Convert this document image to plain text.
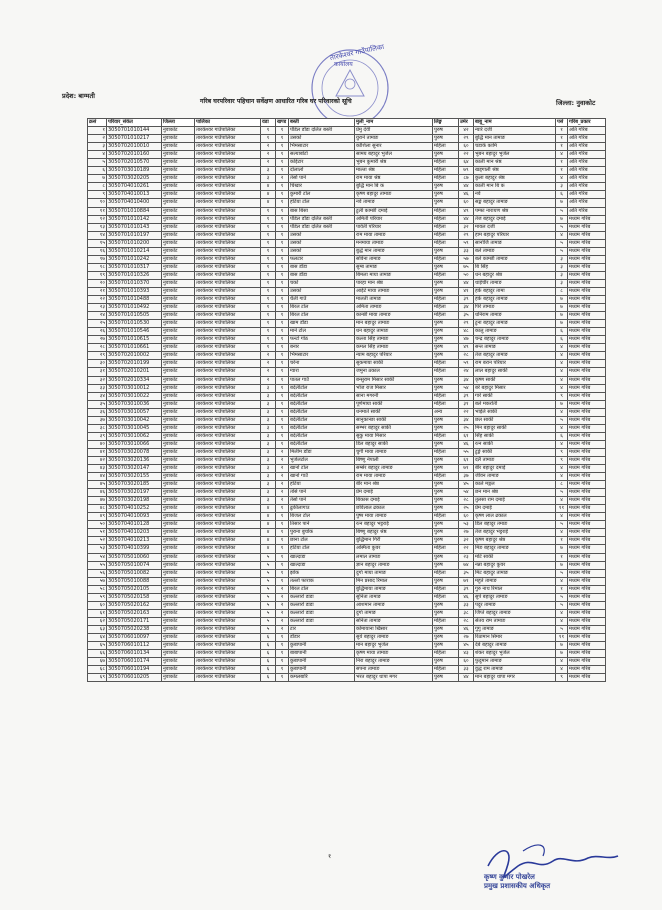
तारकेश्वर गाउँपालिका
कार्यालय
प्रदेश: बाग्मती
गरिब घरपरिवार पहिचान सर्वेक्षण आधारित गरिब घर परिवारको सूचि	जिल्ला: नुवाकोट
क्रसं	परिवार_संकेत	जिल्ला	पालिका	वडा	खण्ड	बस्ती	मुली_नाम	लिङ्ग	उमेर	बाबु_नाम	पर्स	गरिब_प्रकार
१	3050701010144	नुवाकोट	तारकेश्वर गाउँपालिका	१	१	पौडेल डाँडा दलित बस्ती	प्रेमु देवी	पुरुष	४२	न्यारे दर्जी	१	अति गरिब
२	3050701010217	नुवाकोट	तारकेश्वर गाउँपालिका	१	१	उसको	युराने तामाङ	पुरुष	२९	बुद्धि मान तामाङ	१	अति गरिब
३	3050702010010	नुवाकोट	तारकेश्वर गाउँपालिका	२	१	भिमसाटार	कोशिला सुनार	महिला	६०	चडाके कामि	१	अति गरिब
४	3050702010160	नुवाकोट	तारकेश्वर गाउँपालिका	२	१	सल्याबोटो	सामय बहादुर भुजेल	पुरुष	२२	भुबन बहादुर भुजेल	४	अति गरिब
५	3050702010570	नुवाकोट	तारकेश्वर गाउँपालिका	२	१	कोईटार	भुबन कुमारी श्रेष्ठ	महिला	६४	काली मान श्रेष्ठ	१	अति गरिब
६	3050703010189	नुवाकोट	तारकेश्वर गाउँपालिका	३	१	दोलालो	माल्ता श्रेष्ठ	महिला	७९	खड्गाली श्रेष्ठ	१	अति गरिब
७	3050703020205	नुवाकोट	तारकेश्वर गाउँपालिका	३	२	तेर्सो पाने	राम माया श्रेष्ठ	महिला	८७	कुला बहादुर श्रेष्ठ	४	अति गरिब
८	3050704010261	नुवाकोट	तारकेश्वर गाउँपालिका	४	१	चिखार	बुद्धि मान बि क	पुरुष	४४	काली मान बि क	३	अति गरिब
९	3050704010013	नुवाकोट	तारकेश्वर गाउँपालिका	४	१	कुमारी टोल	कृष्ण बहादुर तामाङ	पुरुष	४६	नर्वे	६	अति गरिब
१०	3050704010400	नुवाकोट	तारकेश्वर गाउँपालिका	४	१	हटिया टोल	नर्वे तामाङ	पुरुष	६०	सङ्क बहादुर तामाङ	७	अति गरिब
११	3050701010884	नुवाकोट	तारकेश्वर गाउँपालिका	१	१	बास बिसा	टुली काम्छी दमाई	महिला	४९	पम्फा नारायण श्रेष्ठ	५	अति गरिब
१२	3050701010142	नुवाकोट	तारकेश्वर गाउँपालिका	१	१	पौडेल डाँडा दलित बस्ती	अमिती परियार	महिला	४४	तेज बहादुर दमाई	७	मध्यम गरिब
१३	3050701010143	नुवाकोट	तारकेश्वर गाउँपालिका	१	१	पौडेल डाँडा दलित बस्ती	पार्वती परियार	महिला	३२	मायल दर्जी	५	मध्यम गरिब
१४	3050701010197	नुवाकोट	तारकेश्वर गाउँपालिका	१	१	उसको	राम माया तामाङ	महिला	२९	हाम बहादुर परियार	४	मध्यम गरिब
१५	3050701010200	नुवाकोट	तारकेश्वर गाउँपालिका	१	१	उसको	मनमाया तामाङ	महिला	५९	सानोजि तामाङ	५	मध्यम गरिब
१६	3050701010214	नुवाकोट	तारकेश्वर गाउँपालिका	१	१	उसको	बुद्धे मान तामाङ	पुरुष	३३	बले तामाङ	५	मध्यम गरिब
१७	3050701010242	नुवाकोट	तारकेश्वर गाउँपालिका	१	१	फलटार	सविना तामाङ	महिला	५७	बले काम्छी तामाङ	३	मध्यम गरिब
१८	3050701010317	नुवाकोट	तारकेश्वर गाउँपालिका	१	१	बास डाँडा	सुम्ब तामाङ	पुरुष	७५	बि सिंह	३	मध्यम गरिब
१९	3050701010326	नुवाकोट	तारकेश्वर गाउँपालिका	१	१	बास डाँडा	बिमला माया तामाङ	महिला	५०	धन बहादुर श्रेष्ठ	३	मध्यम गरिब
२०	3050701010370	नुवाकोट	तारकेश्वर गाउँपालिका	१	१	चर्को	पारहा मान श्रेष्ठ	पुरुष	४४	थाईचीर तामाङ	३	मध्यम गरिब
२१	3050701010393	नुवाकोट	तारकेश्वर गाउँपालिका	१	१	उसको	आईटे माया तामाङ	पुरुष	४१	हर्क बहादुर तामा	८	मध्यम गरिब
२२	3050701010488	नुवाकोट	तारकेश्वर गाउँपालिका	१	१	थैली गाउँ	मालती तामाङ	महिला	३९	हर्क बहादुर तामाङ	७	मध्यम गरिब
२३	3050701010492	नुवाकोट	तारकेश्वर गाउँपालिका	१	१	बिरल टोल	अमिता तामाङ	महिला	३४	पिरे तामाङ	७	मध्यम गरिब
२४	3050701010505	नुवाकोट	तारकेश्वर गाउँपालिका	१	१	बिरल टोल	कान्छी माया तामाङ	महिला	३५	धनिराम तामाङ	७	मध्यम गरिब
२५	3050701010530	नुवाकोट	तारकेश्वर गाउँपालिका	१	१	खाम डाँडा	मान बहादुर तामाङ	पुरुष	२९	टुना बहादुर तामाङ	७	मध्यम गरिब
२६	3050701010546	नुवाकोट	तारकेश्वर गाउँपालिका	१	१	माने टोल	धन बहादुर तामाङ	पुरुष	४८	कालु तामाङ	६	मध्यम गरिब
२७	3050701010615	नुवाकोट	तारकेश्वर गाउँपालिका	१	१	फन्टो गोठ	कल्ता सिंह तामाङ	पुरुष	४७	चन्द्र बहादुर तामाङ	६	मध्यम गरिब
२८	3050701010661	नुवाकोट	तारकेश्वर गाउँपालिका	१	१	बनार	कमल सिंह तामाङ	पुरुष	४९	सन्त तामाङ	४	मध्यम गरिब
२९	3050702010002	नुवाकोट	तारकेश्वर गाउँपालिका	२	१	भिमसाटार	न्याम बहादुर परियार	पुरुष	२८	तेज बहादुर तामाङ	४	मध्यम गरिब
३०	3050702010199	नुवाकोट	तारकेश्वर गाउँपालिका	२	१	चरेना	सुकमाया साकी	महिला	५९	राम बरान परियार	४	मध्यम गरिब
३१	3050702010201	नुवाकोट	तारकेश्वर गाउँपालिका	२	१	ग्वारा	जमुना ठकाल	महिला	२४	लाल बहादुर साकी	४	मध्यम गरिब
३२	3050702010334	नुवाकोट	तारकेश्वर गाउँपालिका	२	१	पातल गाउँ	बन्सुराम मिसार सार्की	पुरुष	३४	कृष्ण साकी	४	मध्यम गरिब
३३	3050703010012	नुवाकोट	तारकेश्वर गाउँपालिका	३	१	बदेलीटोल	भोज राज मिसार	पुरुष	५४	बरे बहादुर मिसार	४	मध्यम गरिब
३४	3050703010022	नुवाकोट	तारकेश्वर गाउँपालिका	३	१	बदेलीटोल	साना मगरनी	महिला	३९	गारे साकी	९	मध्यम गरिब
३५	3050703010036	नुवाकोट	तारकेश्वर गाउँपालिका	३	१	बदेलीटोल	पूर्णमाया साकी	महिला	३१	बले मकरोती	७	मध्यम गरिब
३६	3050703010057	नुवाकोट	तारकेश्वर गाउँपालिका	३	१	बदेलीटोल	धनमाते साकी	अन्य	२२	भाईले साकी	४	मध्यम गरिब
३७	3050703010042	नुवाकोट	तारकेश्वर गाउँपालिका	३	१	बदेलीटोल	सानुकान्छा साकी	पुरुष	३४	छल साकी	५	मध्यम गरिब
३८	3050703010045	नुवाकोट	तारकेश्वर गाउँपालिका	३	१	बदेलीटोल	सम्भर बहादुर साकी	पुरुष	२५	मिन बहादुर साकी	४	मध्यम गरिब
३९	3050703010062	नुवाकोट	तारकेश्वर गाउँपालिका	३	१	बदेलीटोल	सुकु माया मिसार	महिला	६१	सिंह साकी	६	मध्यम गरिब
४०	3050703010066	नुवाकोट	तारकेश्वर गाउँपालिका	३	१	बदेलीटोल	डिल बहादुर साकी	पुरुष	४६	रत्न साकी	४	मध्यम गरिब
४१	3050703020078	नुवाकोट	तारकेश्वर गाउँपालिका	३	२	मिलीम डाँडा	चुगी माया तामाङ	महिला	५५	टुङ्गे साकी	९	मध्यम गरिब
४२	3050703020136	नुवाकोट	तारकेश्वर गाउँपालिका	३	२	भुजेलटोल	बिष्णु नेपाली	पुरुष	६१	दलै तामाङ	९	मध्यम गरिब
४३	3050703020147	नुवाकोट	तारकेश्वर गाउँपालिका	३	२	खानो टोल	सम्सेर बहादुर तामाङ	पुरुष	७१	बीर बहादुर दमाई	४	मध्यम गरिब
४४	3050703020155	नुवाकोट	तारकेश्वर गाउँपालिका	३	२	खानो गाउँ	राम माया तामाङ	महिला	३७	जीवन तामाङ	४	मध्यम गरिब
४५	3050703020185	नुवाकोट	तारकेश्वर गाउँपालिका	३	२	हटिया	बीर मान श्रेष्ठ	पुरुष	४५	काले मङ्गल	८	मध्यम गरिब
४६	3050703020197	नुवाकोट	तारकेश्वर गाउँपालिका	३	२	तोसे पाने	प्रेम दमाई	पुरुष	५४	छन मान श्रेष्ठ	५	मध्यम गरिब
४७	3050703020198	नुवाकोट	तारकेश्वर गाउँपालिका	३	२	तेर्सो पाने	बिकास दमाई	पुरुष	२८	तुलसा राम दमाई	४	मध्यम गरिब
४८	3050704010252	नुवाकोट	तारकेश्वर गाउँपालिका	४	१	ढुकीलागाउ	छविलाल ढकाल	पुरुष	२५	प्रेम दमाई	११	मध्यम गरिब
४९	3050704010093	नुवाकोट	तारकेश्वर गाउँपालिका	४	१	बिजल टोल	पुष्प माया तामाङ	महिला	६०	कृष्ण लाल ढकाल	४	मध्यम गरिब
५०	3050704010128	नुवाकोट	तारकेश्वर गाउँपालिका	४	१	तिसार पाने	रत्न बहादुर भट्टराई	पुरुष	५३	डिल बहादुर तमाङ	५	मध्यम गरिब
५१	3050704010203	नुवाकोट	तारकेश्वर गाउँपालिका	४	१	पुराना बुर्चोक	बिष्णु बहादुर श्रेष्ठ	पुरुष	२७	तेज बहादुर भट्टराई	४	मध्यम गरिब
५२	3050704010213	नुवाकोट	तारकेश्वर गाउँपालिका	४	१	छाना टोल	बुद्धिमान गिरी	पुरुष	३२	कृष्ण बहादुर श्रेष्ठ	१	मध्यम गरिब
५३	3050704010399	नुवाकोट	तारकेश्वर गाउँपालिका	४	१	हटिया टोल	अस्मिता कुवर	महिला	२२	मिङ बहादुर तामाङ	७	मध्यम गरिब
५४	3050705010060	नुवाकोट	तारकेश्वर गाउँपालिका	५	१	खाल्दाडा	लमाल तामाङ	पुरुष	२३	मोटे साकी	१	मध्यम गरिब
५५	3050705010074	नुवाकोट	तारकेश्वर गाउँपालिका	५	१	खाल्दाडा	ज्ञान बहादुर तामाङ	पुरुष	७४	नन्ना बहादुर कुवर	७	मध्यम गरिब
५६	3050705010082	नुवाकोट	तारकेश्वर गाउँपालिका	५	१	झोक	दुर्गा माया तामाङ	महिला	३५	मिट बहादुर तामाङ	५	मध्यम गरिब
५७	3050705010088	नुवाकोट	तारकेश्वर गाउँपालिका	५	१	तल्लो फाराक	मिन प्रसाद रिमाल	पुरुष	७१	महुते तामाङ	४	मध्यम गरिब
५८	3050705020105	नुवाकोट	तारकेश्वर गाउँपालिका	५	२	बिरल टोल	बुद्धिमाया तामाङ	महिला	३९	गुरु नाथ रिमाल	१	मध्यम गरिब
५९	3050705020158	नुवाकोट	तारकेश्वर गाउँपालिका	५	२	कल्लारो डाडा	सुनिता तामाङ	महिला	४६	सुपे बहादुर तामाङ	५	मध्यम गरिब
६०	3050705020162	नुवाकोट	तारकेश्वर गाउँपालिका	५	२	कल्लारो डाडा	आशमान तामाङ	पुरुष	३३	पदुर तामाङ	५	मध्यम गरिब
६१	3050705020163	नुवाकोट	तारकेश्वर गाउँपालिका	५	२	कल्लारो डाडा	दुर्गा तामाङ	पुरुष	३८	जिप्ते बहादुर तामाङ	४	मध्यम गरिब
६२	3050705020171	नुवाकोट	तारकेश्वर गाउँपालिका	५	२	कल्लारो डाडा	सनिता तामाङ	महिला	२८	सेतय राम तामाङ	४	मध्यम गरिब
६३	3050705020238	नुवाकोट	तारकेश्वर गाउँपालिका	५	२	टार	कोमायाना खिसार	पुरुष	४६	गुगु तामाङ	५	मध्यम गरिब
६४	3050706010097	नुवाकोट	तारकेश्वर गाउँपालिका	६	१	डाँडार	सुर्य बहादुर तामाङ	पुरुष	२७	रिठामान सिमार	११	मध्यम गरिब
६५	3050706010112	नुवाकोट	तारकेश्वर गाउँपालिका	६	१	कुबापानी	मान बहादुर भुजेल	पुरुष	४५	देबे बहादुर तामाङ	७	मध्यम गरिब
६६	3050706010134	नुवाकोट	तारकेश्वर गाउँपालिका	६	१	बाबापानी	कृष्ण माया तामाङ	महिला	४३	शंकर बहादुर भुजेल	७	मध्यम गरिब
६७	3050706010174	नुवाकोट	तारकेश्वर गाउँपालिका	६	१	कुबापानी	निरा बहादुर तामाङ	पुरुष	६०	फुदुमान तामाङ	४	मध्यम गरिब
६८	3050706010194	नुवाकोट	तारकेश्वर गाउँपालिका	६	१	कुबापानी	सपना तामाङ	महिला	३३	वुद्ध राम तामाङ	४	मध्यम गरिब
६९	3050706010205	नुवाकोट	तारकेश्वर गाउँपालिका	६	१	कमलबारि	भरत बहादुर थापा मगर	पुरुष	४४	मान बहादुर थापा मगर	९	मध्यम गरिब
१
कृष्ण कुमार पोखरेल
प्रमुख प्रशासकीय अधिकृत
